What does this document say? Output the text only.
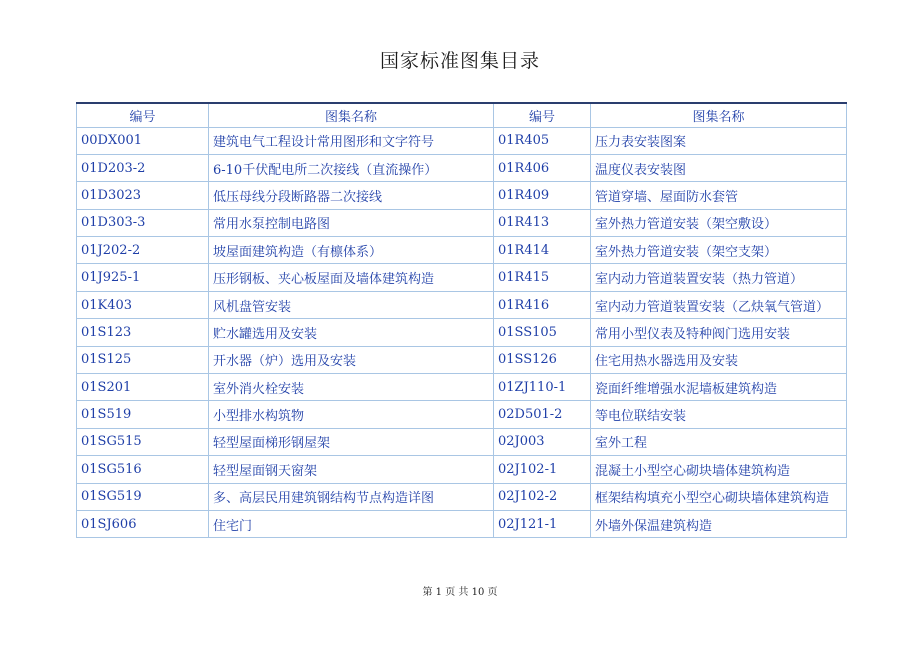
国家标准图集目录
编号	图集名称	编号	图集名称
00DX001	建筑电气工程设计常用图形和文字符号	01R405	压力表安装图案
01D203-2	6-10千伏配电所二次接线（直流操作）	01R406	温度仪表安装图
01D3023	低压母线分段断路器二次接线	01R409	管道穿墙、屋面防水套管
01D303-3	常用水泵控制电路图	01R413	室外热力管道安装（架空敷设）
01J202-2	坡屋面建筑构造（有檩体系）	01R414	室外热力管道安装（架空支架）
01J925-1	压形钢板、夹心板屋面及墙体建筑构造	01R415	室内动力管道装置安装（热力管道）
01K403	风机盘管安装	01R416	室内动力管道装置安装（乙炔氧气管道）
01S123	贮水罐选用及安装	01SS105	常用小型仪表及特种阀门选用安装
01S125	开水器（炉）选用及安装	01SS126	住宅用热水器选用及安装
01S201	室外消火栓安装	01ZJ110-1	瓷面纤维增强水泥墙板建筑构造
01S519	小型排水构筑物	02D501-2	等电位联结安装
01SG515	轻型屋面梯形钢屋架	02J003	室外工程
01SG516	轻型屋面钢天窗架	02J102-1	混凝土小型空心砌块墙体建筑构造
01SG519	多、高层民用建筑钢结构节点构造详图	02J102-2	框架结构填充小型空心砌块墙体建筑构造
01SJ606	住宅门	02J121-1	外墙外保温建筑构造
第 1 页 共 10 页
